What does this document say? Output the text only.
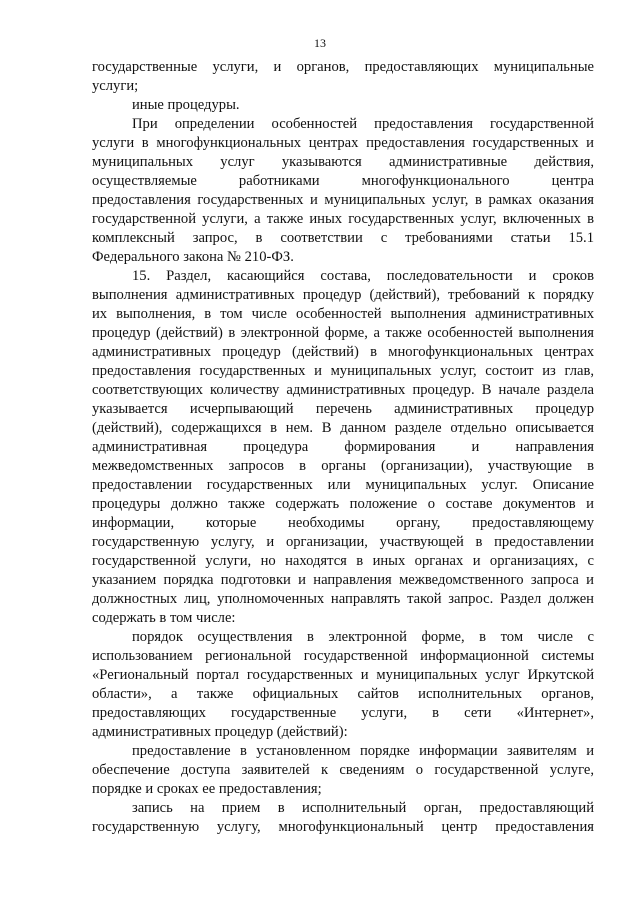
13
государственные услуги, и органов, предоставляющих муниципальные
услуги;
иные процедуры.
При определении особенностей предоставления государственной
услуги в многофункциональных центрах предоставления государственных и
муниципальных услуг указываются административные действия,
осуществляемые работниками многофункционального центра
предоставления государственных и муниципальных услуг, в рамках оказания
государственной услуги, а также иных государственных услуг, включенных в
комплексный запрос, в соответствии с требованиями статьи 15.1
Федерального закона № 210-ФЗ.
15. Раздел, касающийся состава, последовательности и сроков
выполнения административных процедур (действий), требований к порядку
их выполнения, в том числе особенностей выполнения административных
процедур (действий) в электронной форме, а также особенностей выполнения
административных процедур (действий) в многофункциональных центрах
предоставления государственных и муниципальных услуг, состоит из глав,
соответствующих количеству административных процедур. В начале раздела
указывается исчерпывающий перечень административных процедур
(действий), содержащихся в нем. В данном разделе отдельно описывается
административная процедура формирования и направления
межведомственных запросов в органы (организации), участвующие в
предоставлении государственных или муниципальных услуг. Описание
процедуры должно также содержать положение о составе документов и
информации, которые необходимы органу, предоставляющему
государственную услугу, и организации, участвующей в предоставлении
государственной услуги, но находятся в иных органах и организациях, с
указанием порядка подготовки и направления межведомственного запроса и
должностных лиц, уполномоченных направлять такой запрос. Раздел должен
содержать в том числе:
порядок осуществления в электронной форме, в том числе с
использованием региональной государственной информационной системы
«Региональный портал государственных и муниципальных услуг Иркутской
области», а также официальных сайтов исполнительных органов,
предоставляющих государственные услуги, в сети «Интернет»,
административных процедур (действий):
предоставление в установленном порядке информации заявителям и
обеспечение доступа заявителей к сведениям о государственной услуге,
порядке и сроках ее предоставления;
запись на прием в исполнительный орган, предоставляющий
государственную услугу, многофункциональный центр предоставления
